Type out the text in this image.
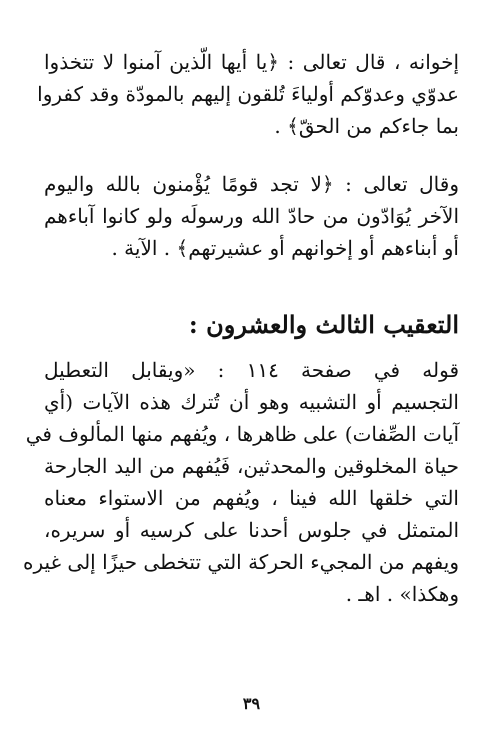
إخوانه ، قال تعالى : ﴿يا أيها الّذين آمنوا لا تتخذوا
عدوّي وعدوّكم أولياءَ تُلقون إليهم بالمودّة وقد كفروا
بما جاءكم من الحقّ﴾ .
وقال تعالى : ﴿لا تجد قومًا يُؤْمنون بالله واليوم
الآخر يُوَادّون من حادّ الله ورسولَه ولو كانوا آباءهم
أو أبناءهم أو إخوانهم أو عشيرتهم﴾ . الآية .
التعقيب الثالث والعشرون :
قوله في صفحة ١١٤ : «ويقابل التعطيل
التجسيم أو التشبيه وهو أن تُترك هذه الآيات (أي
آيات الصِّفات) على ظاهرها ، ويُفهم منها المألوف في
حياة المخلوقين والمحدثين، فَيُفهم من اليد الجارحة
التي خلقها الله فينا ، ويُفهم من الاستواء معناه
المتمثل في جلوس أحدنا على كرسيه أو سريره،
ويفهم من المجيء الحركة التي تتخطى حيزًا إلى غيره
وهكذا» . اهـ .
٣٩
